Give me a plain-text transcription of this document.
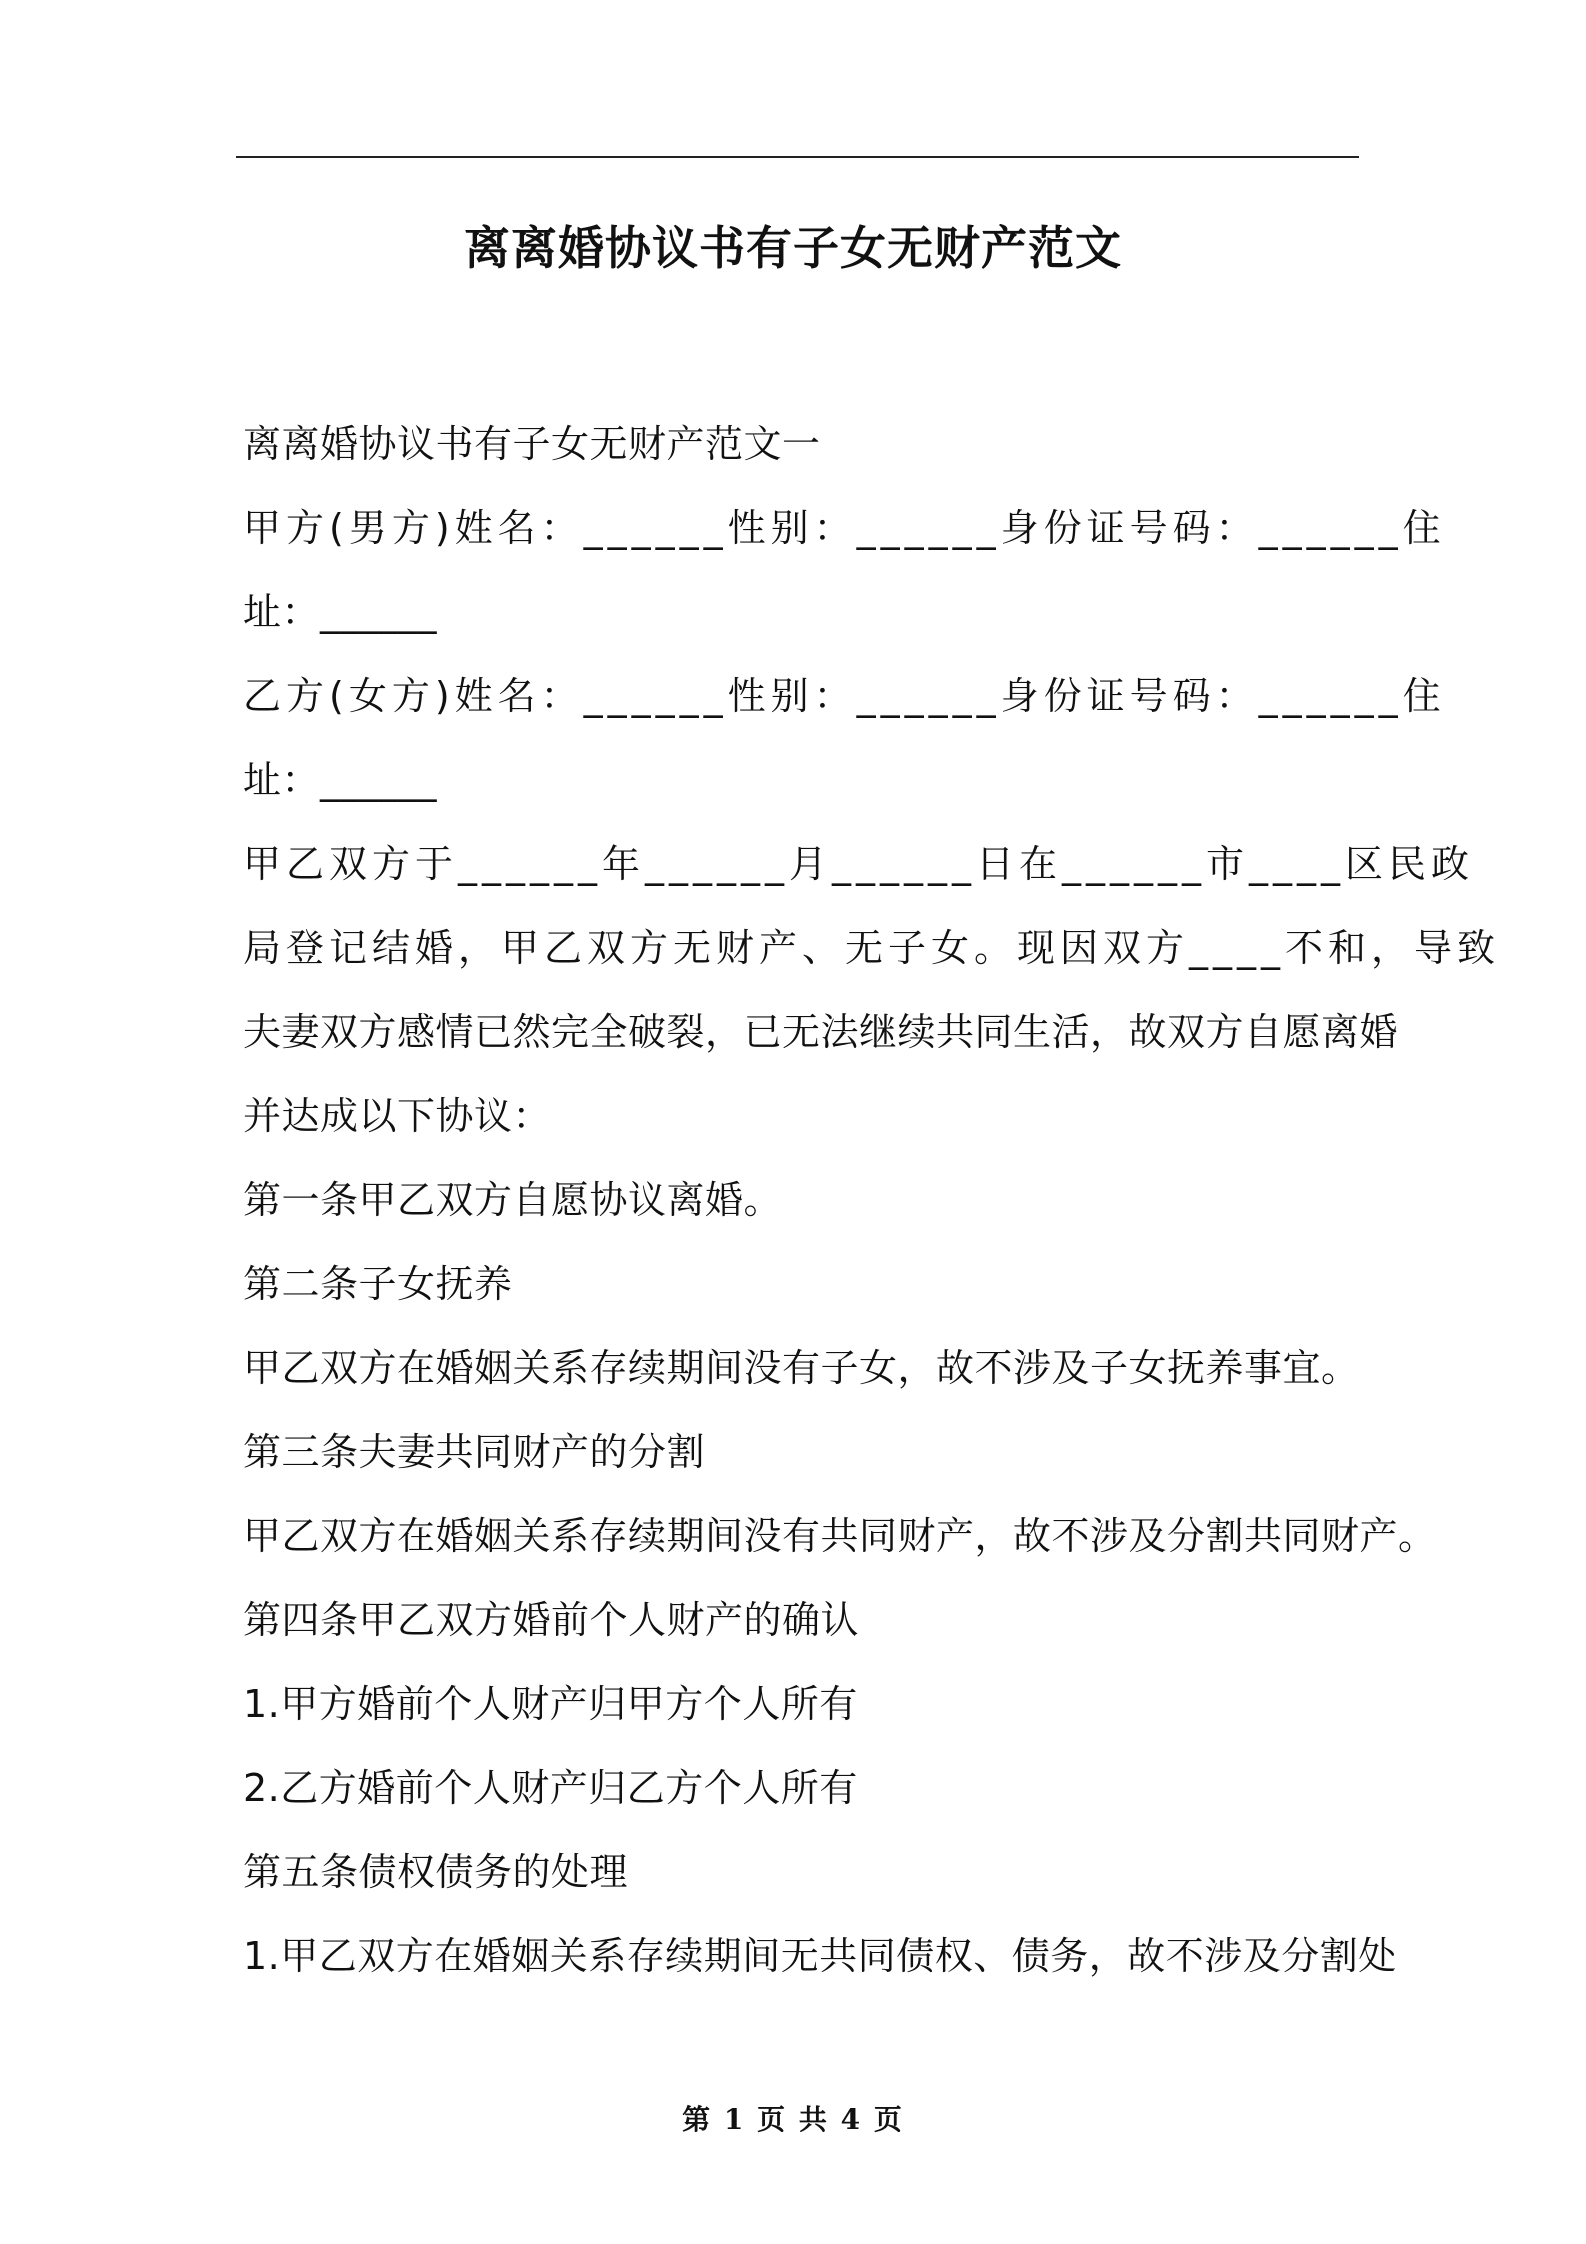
离离婚协议书有子女无财产范文
离离婚协议书有子女无财产范文一
甲方(男方)姓名：______性别：______身份证号码：______住
址：______
乙方(女方)姓名：______性别：______身份证号码：______住
址：______
甲乙双方于______年______月______日在______市____区民政
局登记结婚，甲乙双方无财产、无子女。现因双方____不和，导致
夫妻双方感情已然完全破裂，已无法继续共同生活，故双方自愿离婚
并达成以下协议：
第一条甲乙双方自愿协议离婚。
第二条子女抚养
甲乙双方在婚姻关系存续期间没有子女，故不涉及子女抚养事宜。
第三条夫妻共同财产的分割
甲乙双方在婚姻关系存续期间没有共同财产，故不涉及分割共同财产。
第四条甲乙双方婚前个人财产的确认
1.甲方婚前个人财产归甲方个人所有
2.乙方婚前个人财产归乙方个人所有
第五条债权债务的处理
1.甲乙双方在婚姻关系存续期间无共同债权、债务，故不涉及分割处
第 1 页 共 4 页
